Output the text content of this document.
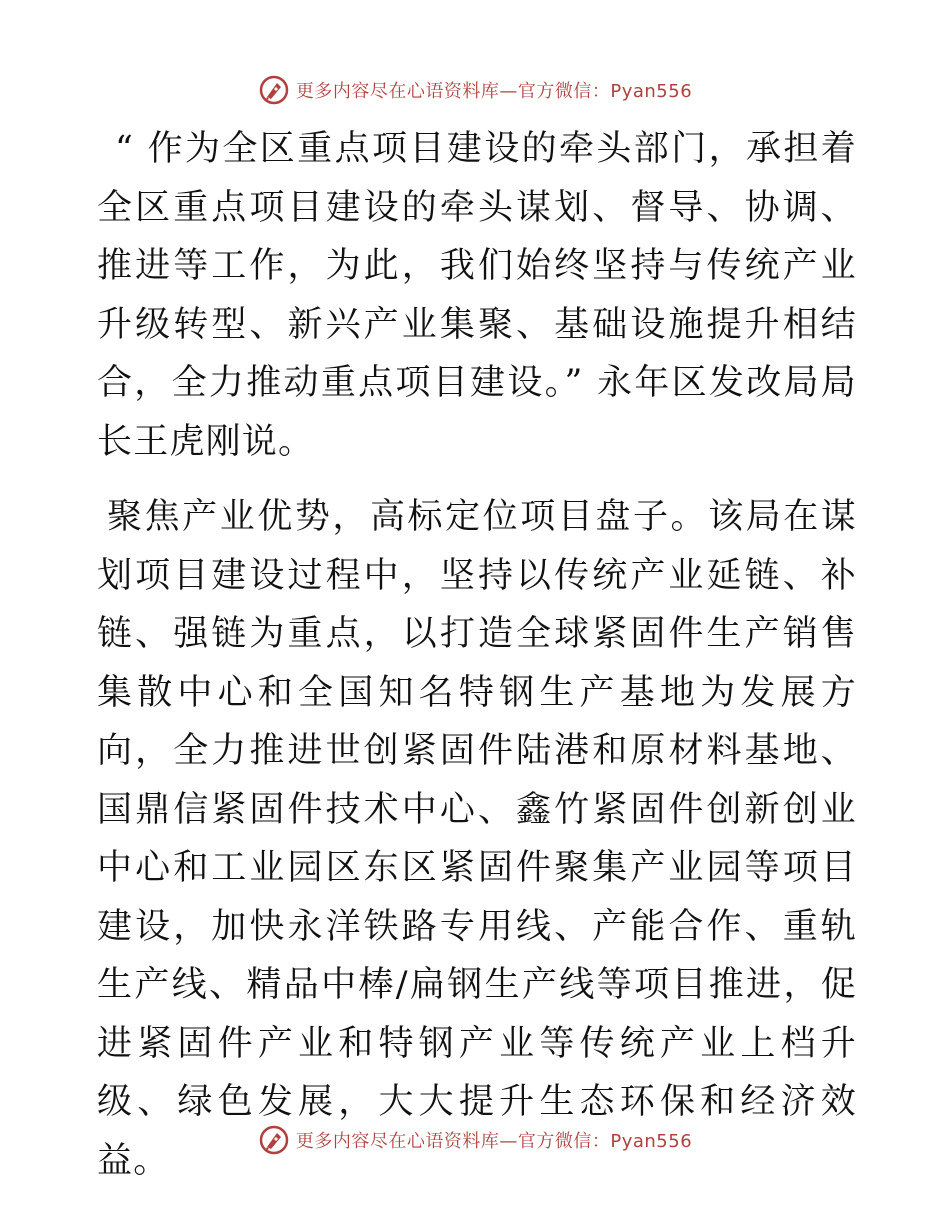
更多内容尽在心语资料库—官方微信：Pyan556

“ 作为全区重点项目建设的牵头部门，承担着全区重点项目建设的牵头谋划、督导、协调、推进等工作，为此，我们始终坚持与传统产业升级转型、新兴产业集聚、基础设施提升相结合，全力推动重点项目建设。” 永年区发改局局长王虎刚说。

聚焦产业优势，高标定位项目盘子。该局在谋划项目建设过程中，坚持以传统产业延链、补链、强链为重点，以打造全球紧固件生产销售集散中心和全国知名特钢生产基地为发展方向，全力推进世创紧固件陆港和原材料基地、国鼎信紧固件技术中心、鑫竹紧固件创新创业中心和工业园区东区紧固件聚集产业园等项目建设，加快永洋铁路专用线、产能合作、重轨生产线、精品中棒/扁钢生产线等项目推进，促进紧固件产业和特钢产业等传统产业上档升级、绿色发展，大大提升生态环保和经济效益。	更多内容尽在心语资料库—官方微信：Pyan556
